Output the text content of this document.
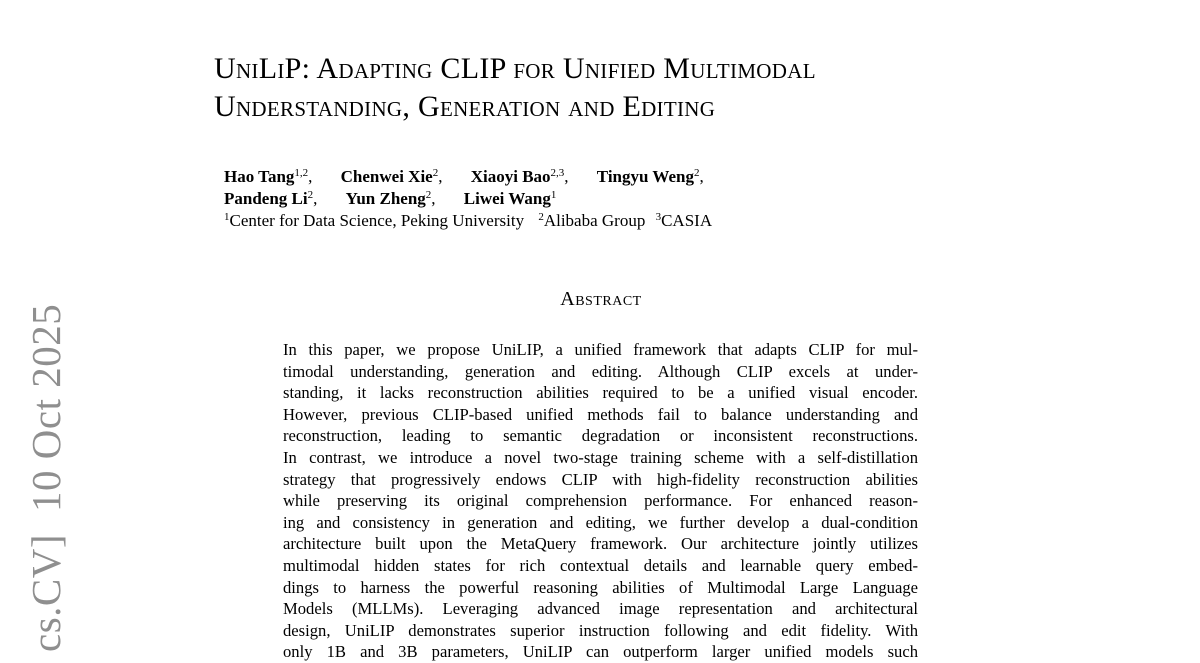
cs.CV]10 Oct 2025
UniLiP: Adapting CLIP for Unified Multimodal
Understanding, Generation and Editing
Hao Tang$^{1,2}$, Chenwei Xie$^2$, Xiaoyi Bao$^{2,3}$, Tingyu Weng$^2$,
Pandeng Li$^2$, Yun Zheng$^2$, Liwei Wang$^1$
$^1$Center for Data Science, Peking University $^2$Alibaba Group $^3$CASIA
Abstract
In this paper, we propose UniLIP, a unified framework that adapts CLIP for mul-
timodal understanding, generation and editing. Although CLIP excels at under-
standing, it lacks reconstruction abilities required to be a unified visual encoder.
However, previous CLIP-based unified methods fail to balance understanding and
reconstruction, leading to semantic degradation or inconsistent reconstructions.
In contrast, we introduce a novel two-stage training scheme with a self-distillation
strategy that progressively endows CLIP with high-fidelity reconstruction abilities
while preserving its original comprehension performance. For enhanced reason-
ing and consistency in generation and editing, we further develop a dual-condition
architecture built upon the MetaQuery framework. Our architecture jointly utilizes
multimodal hidden states for rich contextual details and learnable query embed-
dings to harness the powerful reasoning abilities of Multimodal Large Language
Models (MLLMs). Leveraging advanced image representation and architectural
design, UniLIP demonstrates superior instruction following and edit fidelity. With
only 1B and 3B parameters, UniLIP can outperform larger unified models such
